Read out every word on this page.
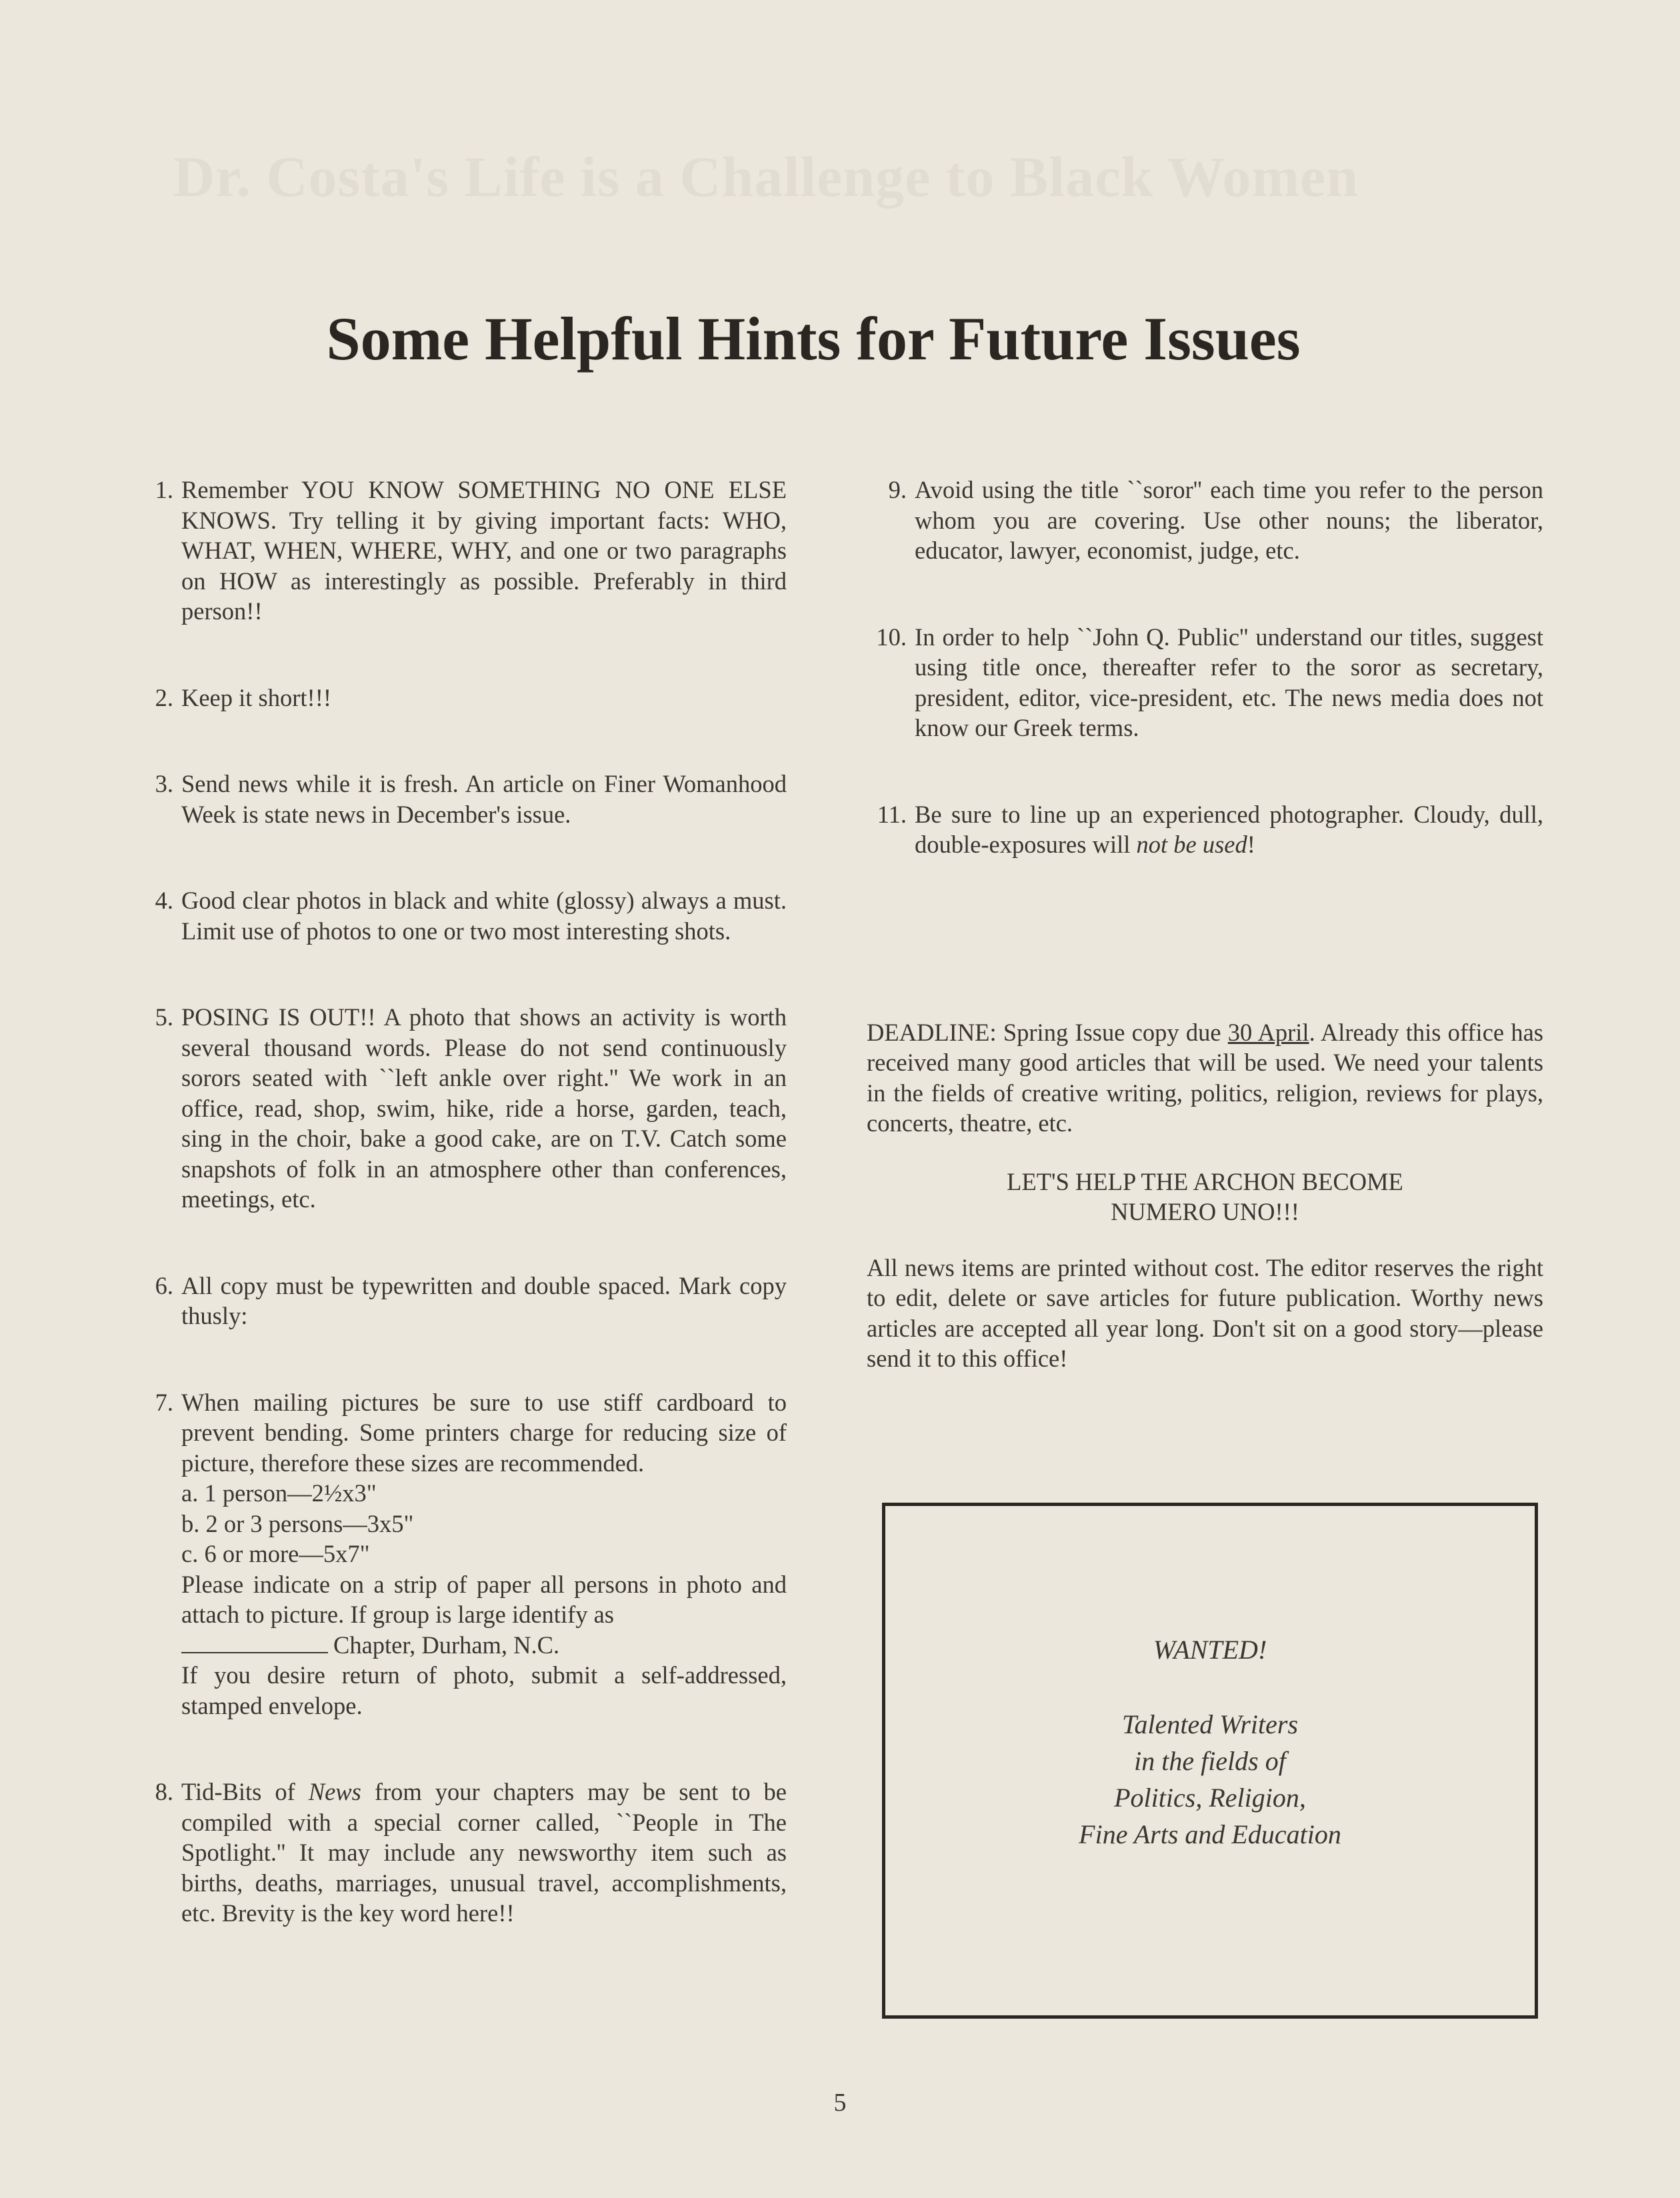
Dr. Costa's Life is a Challenge to Black Women
Some Helpful Hints for Future Issues
1. Remember YOU KNOW SOMETHING NO ONE ELSE KNOWS. Try telling it by giving important facts: WHO, WHAT, WHEN, WHERE, WHY, and one or two paragraphs on HOW as interestingly as possible. Preferably in third person!!
2. Keep it short!!!
3. Send news while it is fresh. An article on Finer Womanhood Week is state news in December's issue.
4. Good clear photos in black and white (glossy) always a must. Limit use of photos to one or two most interesting shots.
5. POSING IS OUT!! A photo that shows an activity is worth several thousand words. Please do not send continuously sorors seated with ``left ankle over right.'' We work in an office, read, shop, swim, hike, ride a horse, garden, teach, sing in the choir, bake a good cake, are on T.V. Catch some snapshots of folk in an atmosphere other than conferences, meetings, etc.
6. All copy must be typewritten and double spaced. Mark copy thusly:
7. When mailing pictures be sure to use stiff cardboard to prevent bending. Some printers charge for reducing size of picture, therefore these sizes are recommended.
a. 1 person—2½x3"
b. 2 or 3 persons—3x5"
c. 6 or more—5x7"
Please indicate on a strip of paper all persons in photo and attach to picture. If group is large identify as
Chapter, Durham, N.C.
If you desire return of photo, submit a self-addressed, stamped envelope.
8. Tid-Bits of News from your chapters may be sent to be compiled with a special corner called, ``People in The Spotlight.'' It may include any newsworthy item such as births, deaths, marriages, unusual travel, accomplishments, etc. Brevity is the key word here!!
9. Avoid using the title ``soror'' each time you refer to the person whom you are covering. Use other nouns; the liberator, educator, lawyer, economist, judge, etc.
10. In order to help ``John Q. Public'' understand our titles, suggest using title once, thereafter refer to the soror as secretary, president, editor, vice-president, etc. The news media does not know our Greek terms.
11. Be sure to line up an experienced photographer. Cloudy, dull, double-exposures will not be used!
DEADLINE: Spring Issue copy due 30 April. Already this office has received many good articles that will be used. We need your talents in the fields of creative writing, politics, religion, reviews for plays, concerts, theatre, etc.
LET'S HELP THE ARCHON BECOME
NUMERO UNO!!!
All news items are printed without cost. The editor reserves the right to edit, delete or save articles for future publication. Worthy news articles are accepted all year long. Don't sit on a good story—please send it to this office!
WANTED!
Talented Writers
in the fields of
Politics, Religion,
Fine Arts and Education
5
